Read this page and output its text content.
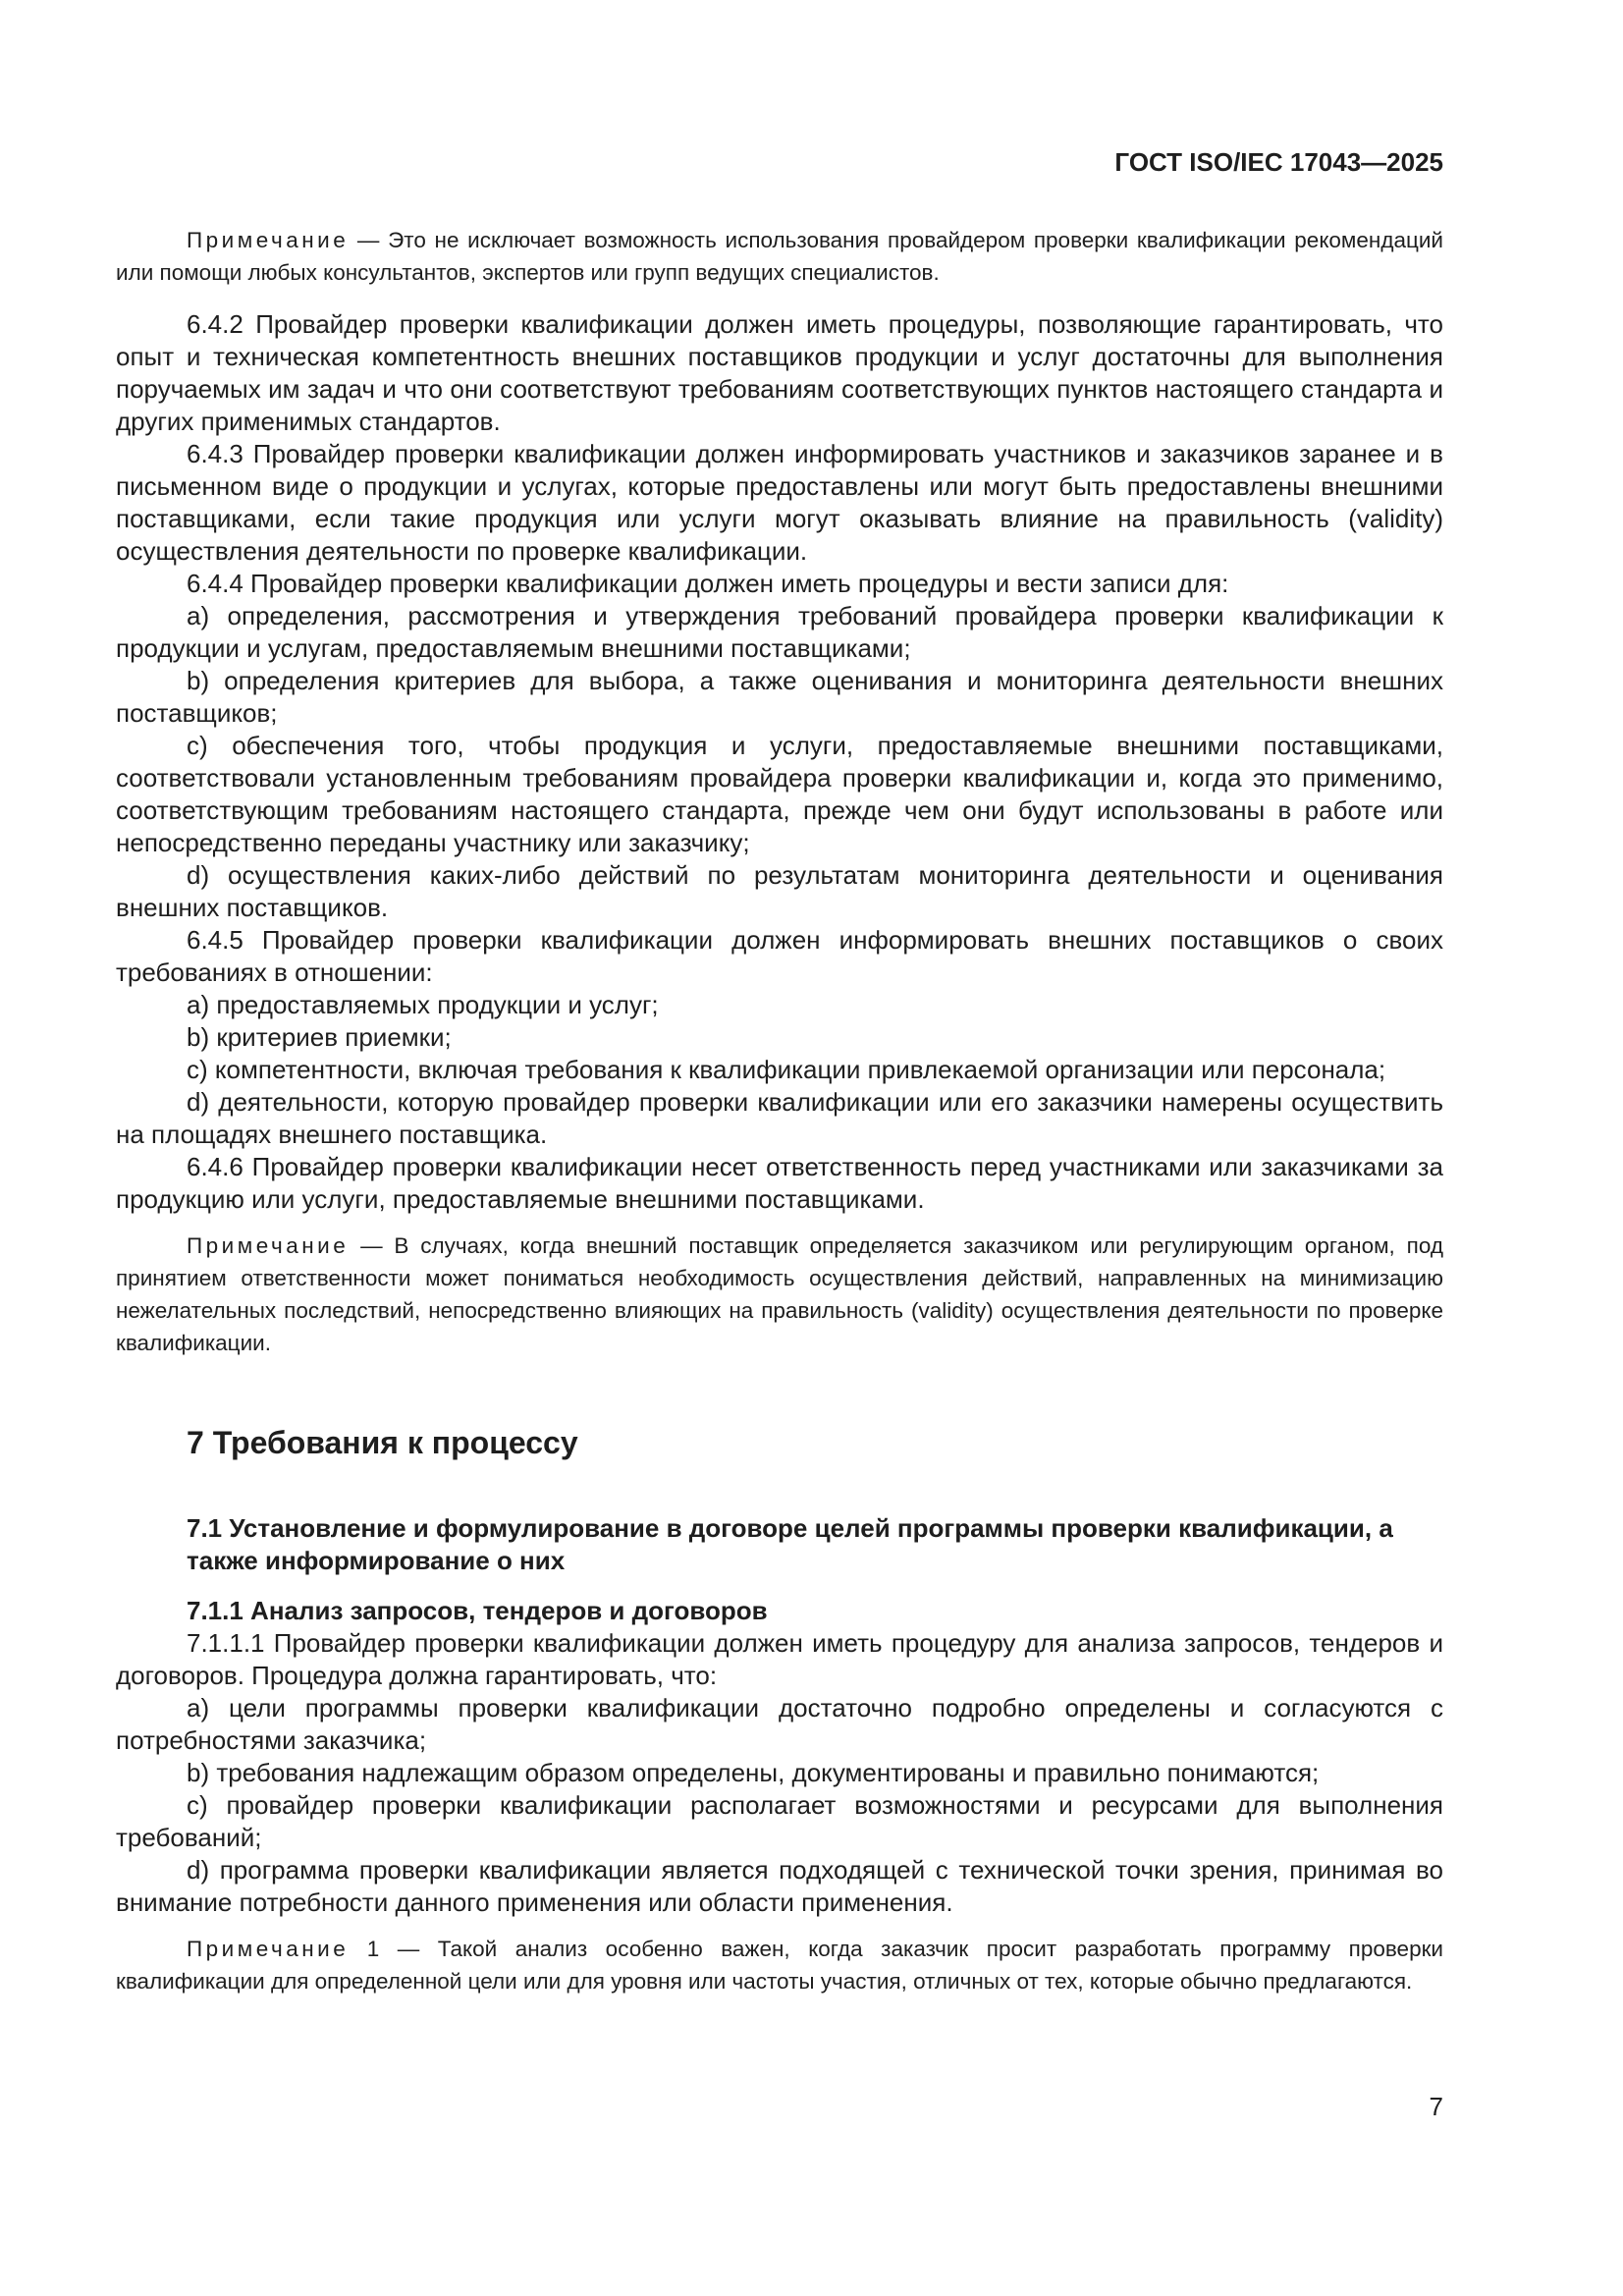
ГОСТ ISO/IEC 17043—2025

Примечание — Это не исключает возможность использования провайдером проверки квалификации рекомендаций или помощи любых консультантов, экспертов или групп ведущих специалистов.

6.4.2 Провайдер проверки квалификации должен иметь процедуры, позволяющие гарантировать, что опыт и техническая компетентность внешних поставщиков продукции и услуг достаточны для выполнения поручаемых им задач и что они соответствуют требованиям соответствующих пунктов настоящего стандарта и других применимых стандартов.

6.4.3 Провайдер проверки квалификации должен информировать участников и заказчиков заранее и в письменном виде о продукции и услугах, которые предоставлены или могут быть предоставлены внешними поставщиками, если такие продукция или услуги могут оказывать влияние на правильность (validity) осуществления деятельности по проверке квалификации.

6.4.4 Провайдер проверки квалификации должен иметь процедуры и вести записи для:

a) определения, рассмотрения и утверждения требований провайдера проверки квалификации к продукции и услугам, предоставляемым внешними поставщиками;

b) определения критериев для выбора, а также оценивания и мониторинга деятельности внешних поставщиков;

c) обеспечения того, чтобы продукция и услуги, предоставляемые внешними поставщиками, соответствовали установленным требованиям провайдера проверки квалификации и, когда это применимо, соответствующим требованиям настоящего стандарта, прежде чем они будут использованы в работе или непосредственно переданы участнику или заказчику;

d) осуществления каких-либо действий по результатам мониторинга деятельности и оценивания внешних поставщиков.

6.4.5 Провайдер проверки квалификации должен информировать внешних поставщиков о своих требованиях в отношении:

a) предоставляемых продукции и услуг;

b) критериев приемки;

c) компетентности, включая требования к квалификации привлекаемой организации или персонала;

d) деятельности, которую провайдер проверки квалификации или его заказчики намерены осуществить на площадях внешнего поставщика.

6.4.6 Провайдер проверки квалификации несет ответственность перед участниками или заказчиками за продукцию или услуги, предоставляемые внешними поставщиками.

Примечание — В случаях, когда внешний поставщик определяется заказчиком или регулирующим органом, под принятием ответственности может пониматься необходимость осуществления действий, направленных на минимизацию нежелательных последствий, непосредственно влияющих на правильность (validity) осуществления деятельности по проверке квалификации.

7 Требования к процессу
7.1 Установление и формулирование в договоре целей программы проверки квалификации, а также информирование о них
7.1.1 Анализ запросов, тендеров и договоров

7.1.1.1 Провайдер проверки квалификации должен иметь процедуру для анализа запросов, тендеров и договоров. Процедура должна гарантировать, что:

a) цели программы проверки квалификации достаточно подробно определены и согласуются с потребностями заказчика;

b) требования надлежащим образом определены, документированы и правильно понимаются;

c) провайдер проверки квалификации располагает возможностями и ресурсами для выполнения требований;

d) программа проверки квалификации является подходящей с технической точки зрения, принимая во внимание потребности данного применения или области применения.

Примечание 1 — Такой анализ особенно важен, когда заказчик просит разработать программу проверки квалификации для определенной цели или для уровня или частоты участия, отличных от тех, которые обычно предлагаются.

7
